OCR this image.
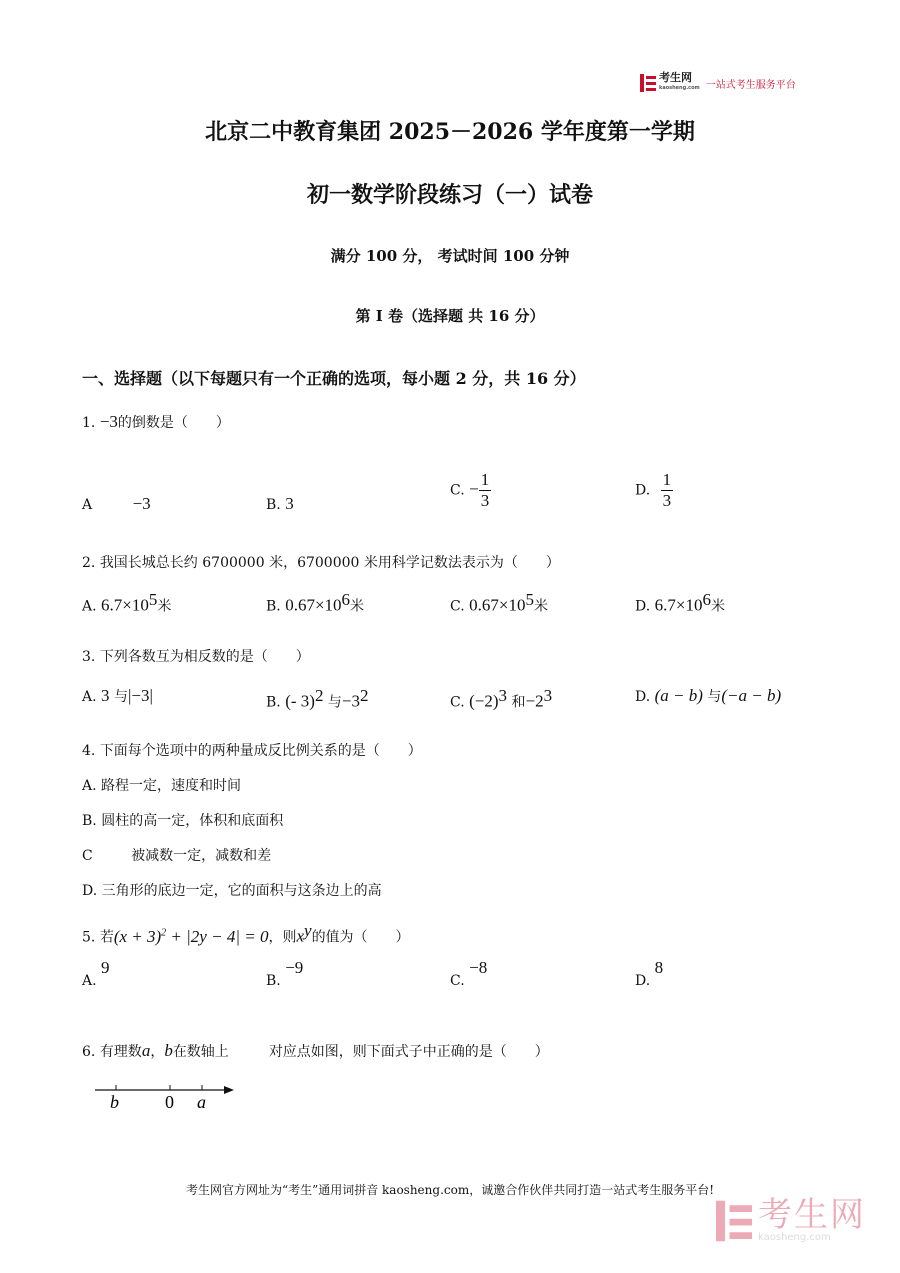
考生网
kaosheng.com 一站式考生服务平台
北京二中教育集团 2025－2026 学年度第一学期
初一数学阶段练习（一）试卷
满分 100 分， 考试时间 100 分钟
第 I 卷（选择题 共 16 分）
一、选择题（以下每题只有一个正确的选项，每小题 2 分，共 16 分）
1. −3的倒数是（　　）
A −3	B. 3
C. − $\frac{1}{3}$	D. $\frac{1}{3}$
2. 我国长城总长约 6700000 米，6700000 米用科学记数法表示为（　　）
A. $6.7\times 10^5$米	B. $0.67\times 10^6$米	C. $0.67\times 10^5$米	D. $6.7\times 10^6$米
3. 下列各数互为相反数的是（　　）
A. 3 与|−3|	B. (- 3)$^2$ 与$-3^2$	C. $(-2)^3$ 和$-2^3$	D. (a − b) 与(−a − b)
4. 下面每个选项中的两种量成反比例关系的是（　　）
A. 路程一定，速度和时间
B. 圆柱的高一定，体积和底面积
C	被减数一定，减数和差
D. 三角形的底边一定，它的面积与这条边上的高
5. 若$(x + 3)^2 + |2y - 4| = 0$，则$x^y$的值为（　　）
A. 9
B. −9
C. −8
D. 8
6. 有理数a，b在数轴上	对应点如图，则下面式子中正确的是（　　）
b	0 a
考生网官方网址为“考生”通用词拼音 kaosheng.com，诚邀合作伙伴共同打造一站式考生服务平台!
考生网
kaosheng.com
